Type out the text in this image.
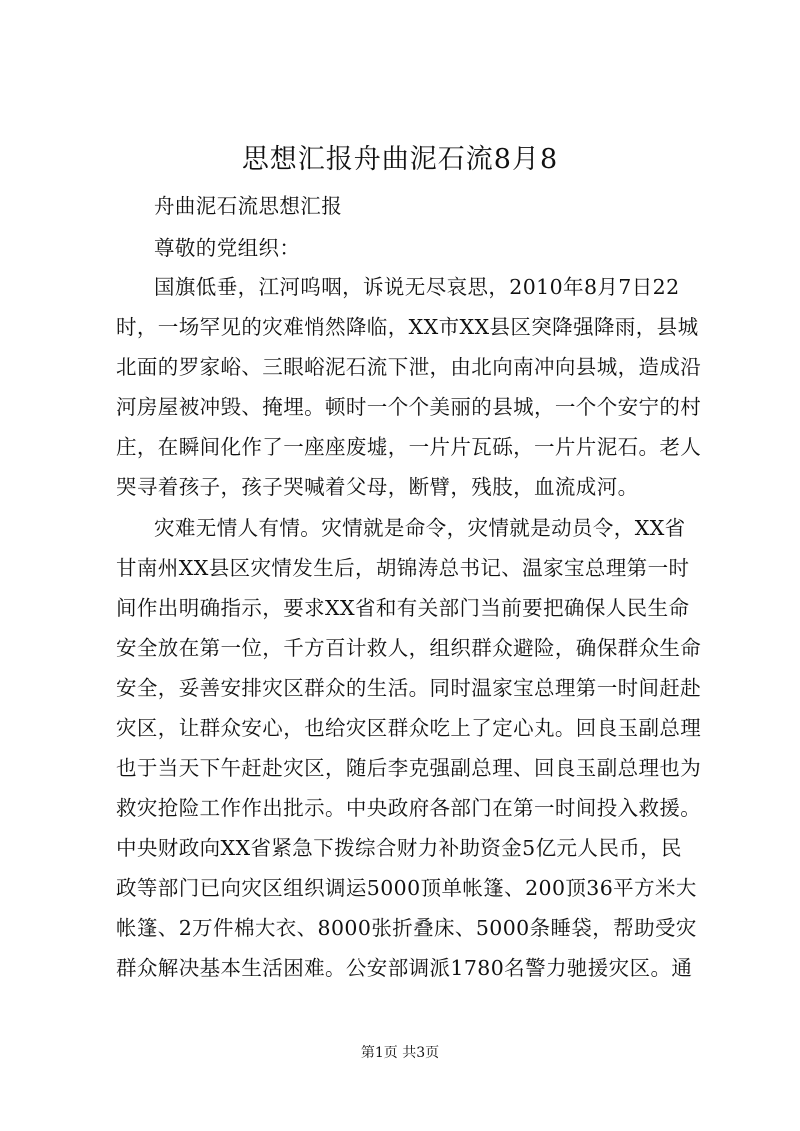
思想汇报舟曲泥石流8月8
舟曲泥石流思想汇报
尊敬的党组织：
国旗低垂，江河呜咽，诉说无尽哀思，2010年8月7日22
时，一场罕见的灾难悄然降临，XX市XX县区突降强降雨，县城
北面的罗家峪、三眼峪泥石流下泄，由北向南冲向县城，造成沿
河房屋被冲毁、掩埋。顿时一个个美丽的县城，一个个安宁的村
庄，在瞬间化作了一座座废墟，一片片瓦砾，一片片泥石。老人
哭寻着孩子，孩子哭喊着父母，断臂，残肢，血流成河。
灾难无情人有情。灾情就是命令，灾情就是动员令，XX省
甘南州XX县区灾情发生后，胡锦涛总书记、温家宝总理第一时
间作出明确指示，要求XX省和有关部门当前要把确保人民生命
安全放在第一位，千方百计救人，组织群众避险，确保群众生命
安全，妥善安排灾区群众的生活。同时温家宝总理第一时间赶赴
灾区，让群众安心，也给灾区群众吃上了定心丸。回良玉副总理
也于当天下午赶赴灾区，随后李克强副总理、回良玉副总理也为
救灾抢险工作作出批示。中央政府各部门在第一时间投入救援。
中央财政向XX省紧急下拨综合财力补助资金5亿元人民币，民
政等部门已向灾区组织调运5000顶单帐篷、200顶36平方米大
帐篷、2万件棉大衣、8000张折叠床、5000条睡袋，帮助受灾
群众解决基本生活困难。公安部调派1780名警力驰援灾区。通
第1页 共3页
